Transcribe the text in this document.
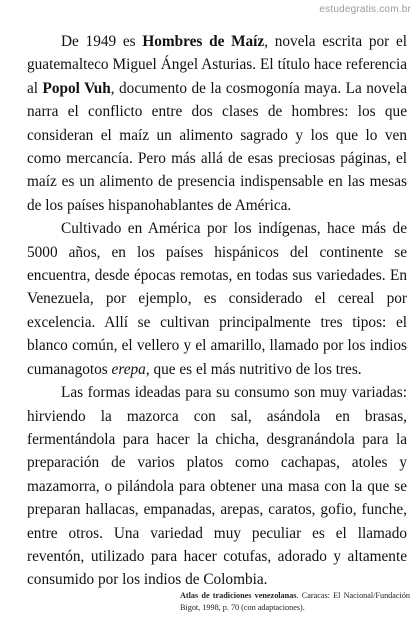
estudegratis.com.br

De 1949 es Hombres de Maíz, novela escrita por el guatemalteco Miguel Ángel Asturias. El título hace referencia al Popol Vuh, documento de la cosmogonía maya. La novela narra el conflicto entre dos clases de hombres: los que consideran el maíz un alimento sagrado y los que lo ven como mercancía. Pero más allá de esas preciosas páginas, el maíz es un alimento de presencia indispensable en las mesas de los países hispanohablantes de América.

Cultivado en América por los indígenas, hace más de 5000 años, en los países hispánicos del continente se encuentra, desde épocas remotas, en todas sus variedades. En Venezuela, por ejemplo, es considerado el cereal por excelencia. Allí se cultivan principalmente tres tipos: el blanco común, el vellero y el amarillo, llamado por los indios cumanagotos erepa, que es el más nutritivo de los tres.

Las formas ideadas para su consumo son muy variadas: hirviendo la mazorca con sal, asándola en brasas, fermentándola para hacer la chicha, desgranándola para la preparación de varios platos como cachapas, atoles y mazamorra, o pilándola para obtener una masa con la que se preparan hallacas, empanadas, arepas, caratos, gofio, funche, entre otros. Una variedad muy peculiar es el llamado reventón, utilizado para hacer cotufas, adorado y altamente consumido por los indios de Colombia.

Atlas de tradiciones venezolanas. Caracas: El Nacional/Fundación Bigot, 1998, p. 70 (con adaptaciones).
